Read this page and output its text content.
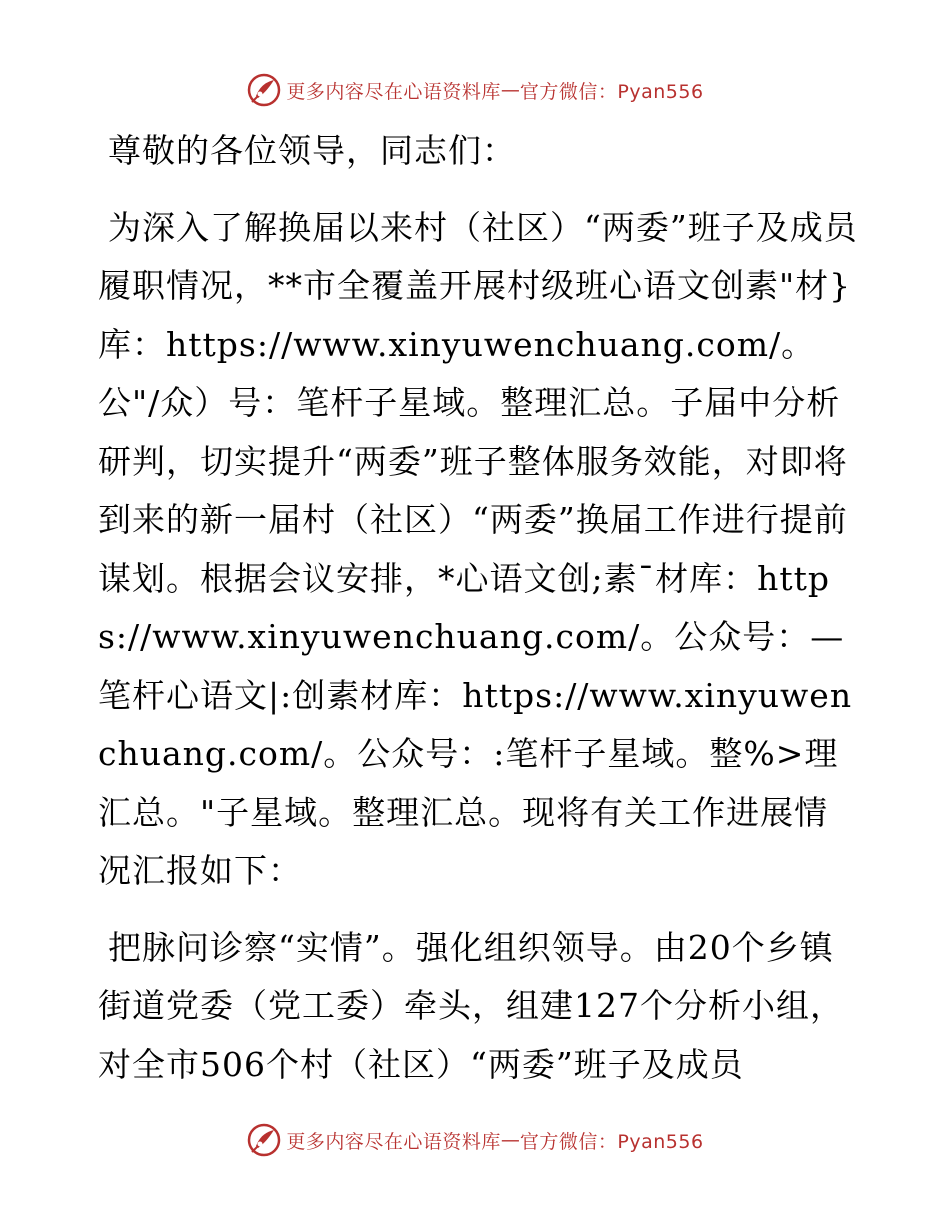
更多内容尽在心语资料库 — 官方微信：Pyan556

尊敬的各位领导，同志们：

为深入了解换届以来村（社区）“两委”班子及成员履职情况，**市全覆盖开展村级班心语文创素"材}库：https://www.xinyuwenchuang.com/。公"/众）号：笔杆子星域。整理汇总。子届中分析研判，切实提升“两委”班子整体服务效能，对即将到来的新一届村（社区）“两委”换届工作进行提前谋划。根据会议安排，*心语文创;素¯材库：https://www.xinyuwenchuang.com/。公众号：—笔杆心语文|:创素材库：https://www.xinyuwenchuang.com/。公众号：:笔杆子星域。整%>理汇总。"子星域。整理汇总。现将有关工作进展情况汇报如下：

把脉问诊察“实情”。强化组织领导。由20个乡镇街道党委（党工委）牵头，组建127个分析小组，对全市506个村（社区）“两委”班子及成员

更多内容尽在心语资料库 — 官方微信：Pyan556
